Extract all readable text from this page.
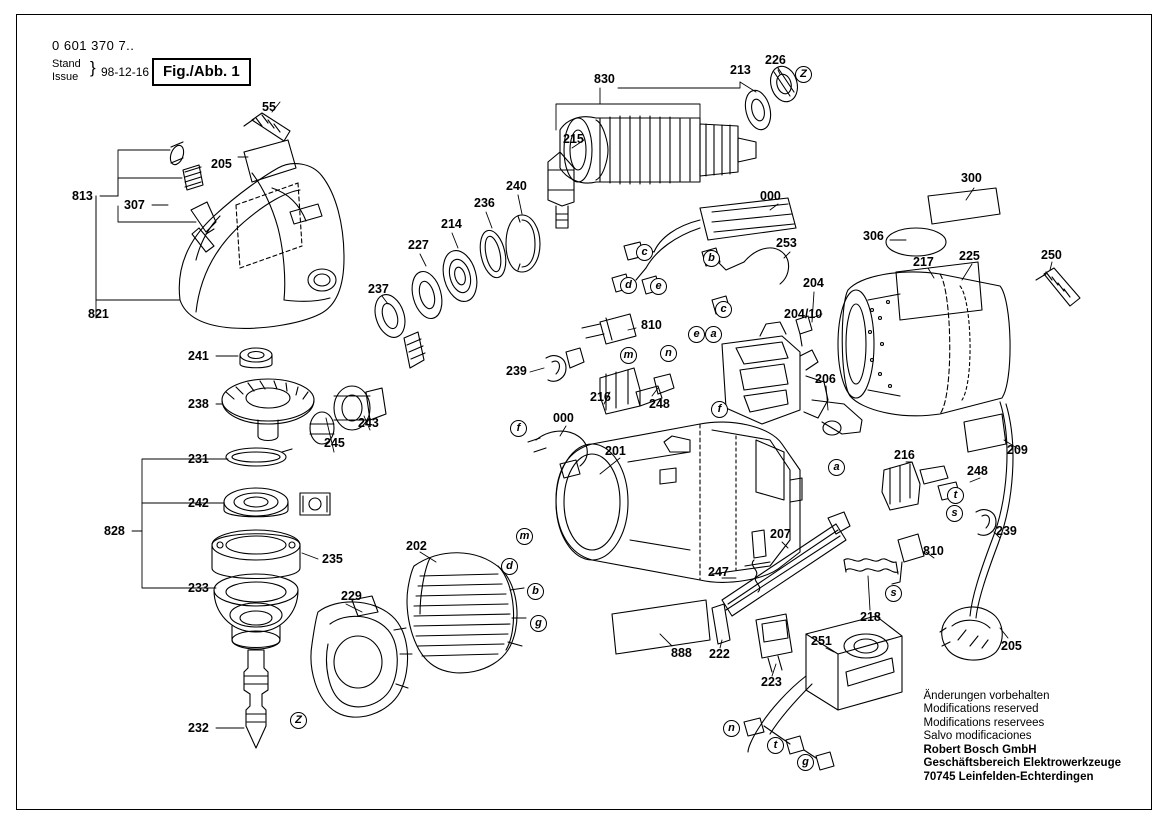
0 601 370 7..
Stand
Issue } 98-12-16 Fig./Abb. 1
55
205
813
307
821
241
238
231
242
828
233
232
235
229
245
243
237
227
214
236
240
202
888
201
000
216	248
239
810
215
830
213
226
000
253
204
204/10
206
306
300
225
217	250
209
216
248
239
810
207
247
222
223
251
218
205
Z
c
d	e
b
c
e a
m	n
f
f
a
t
s
s
m
d
b
g
Z
n
t
g
Änderungen vorbehalten
Modifications reserved
Modifications reservees
Salvo modificaciones
Robert Bosch GmbH
Geschäftsbereich Elektrowerkzeuge
70745 Leinfelden-Echterdingen
